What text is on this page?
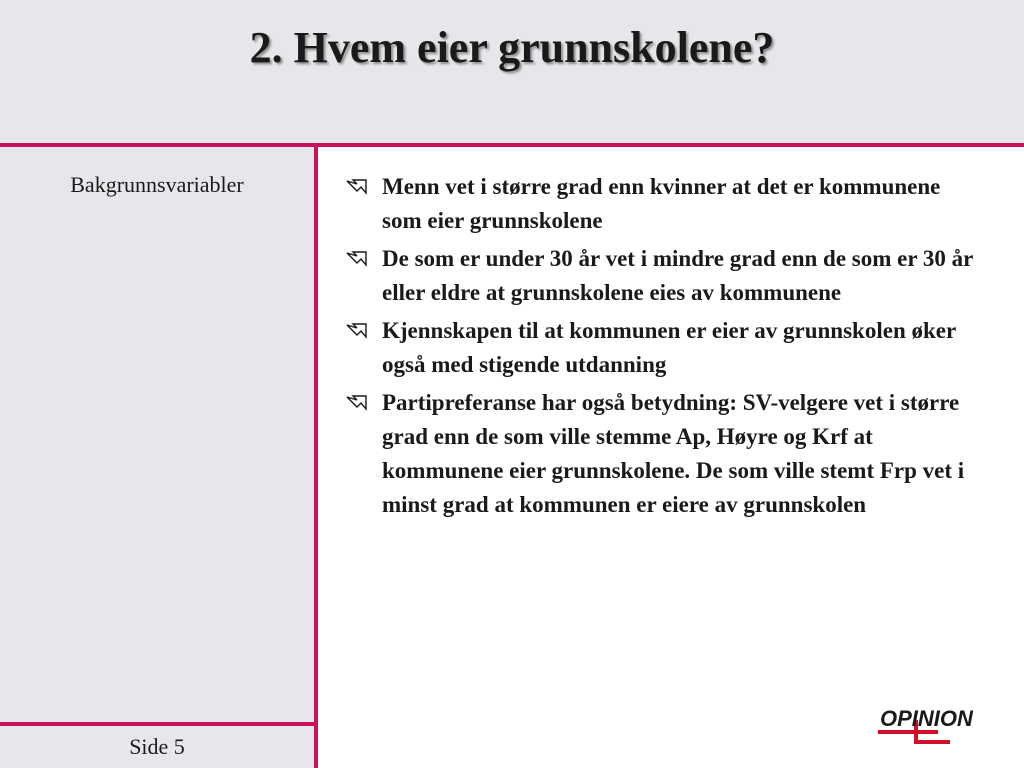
2. Hvem eier grunnskolene?
Bakgrunnsvariabler
Side 5
Menn vet i større grad enn kvinner at det er kommunene som eier grunnskolene
De som er under 30 år vet i mindre grad enn de som er 30 år eller eldre at grunnskolene eies av kommunene
Kjennskapen til at kommunen er eier av grunnskolen øker også med stigende utdanning
Partipreferanse har også betydning: SV-velgere vet i større grad enn de som ville stemme Ap, Høyre og Krf at kommunene eier grunnskolene. De som ville stemt Frp vet i minst grad at kommunen er eiere av grunnskolen
OPINION
